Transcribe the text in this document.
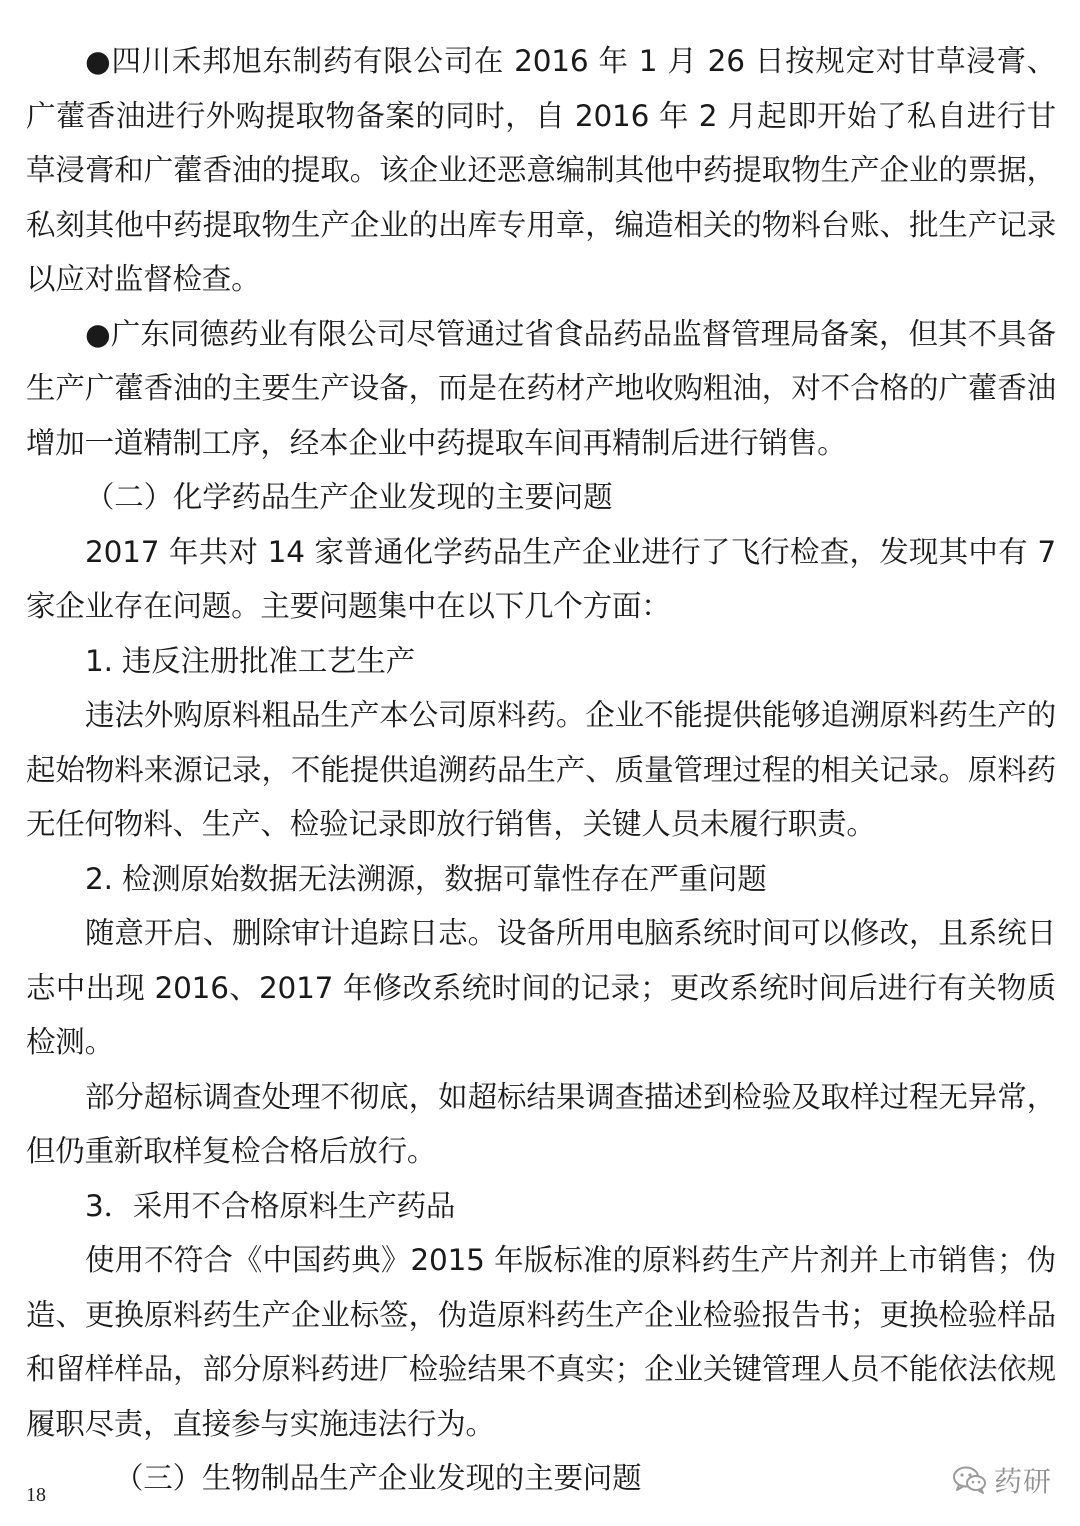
●四川禾邦旭东制药有限公司在 2016 年 1 月 26 日按规定对甘草浸膏、广藿香油进行外购提取物备案的同时，自 2016 年 2 月起即开始了私自进行甘草浸膏和广藿香油的提取。该企业还恶意编制其他中药提取物生产企业的票据，私刻其他中药提取物生产企业的出库专用章，编造相关的物料台账、批生产记录以应对监督检查。

●广东同德药业有限公司尽管通过省食品药品监督管理局备案，但其不具备生产广藿香油的主要生产设备，而是在药材产地收购粗油，对不合格的广藿香油增加一道精制工序，经本企业中药提取车间再精制后进行销售。

（二）化学药品生产企业发现的主要问题

2017 年共对 14 家普通化学药品生产企业进行了飞行检查，发现其中有 7 家企业存在问题。主要问题集中在以下几个方面：

1. 违反注册批准工艺生产

违法外购原料粗品生产本公司原料药。企业不能提供能够追溯原料药生产的起始物料来源记录，不能提供追溯药品生产、质量管理过程的相关记录。原料药无任何物料、生产、检验记录即放行销售，关键人员未履行职责。

2. 检测原始数据无法溯源，数据可靠性存在严重问题

随意开启、删除审计追踪日志。设备所用电脑系统时间可以修改，且系统日志中出现 2016、2017 年修改系统时间的记录；更改系统时间后进行有关物质检测。

部分超标调查处理不彻底，如超标结果调查描述到检验及取样过程无异常，但仍重新取样复检合格后放行。

3．采用不合格原料生产药品

使用不符合《中国药典》2015 年版标准的原料药生产片剂并上市销售；伪造、更换原料药生产企业标签，伪造原料药生产企业检验报告书；更换检验样品和留样样品，部分原料药进厂检验结果不真实；企业关键管理人员不能依法依规履职尽责，直接参与实施违法行为。

（三）生物制品生产企业发现的主要问题

18	药研
